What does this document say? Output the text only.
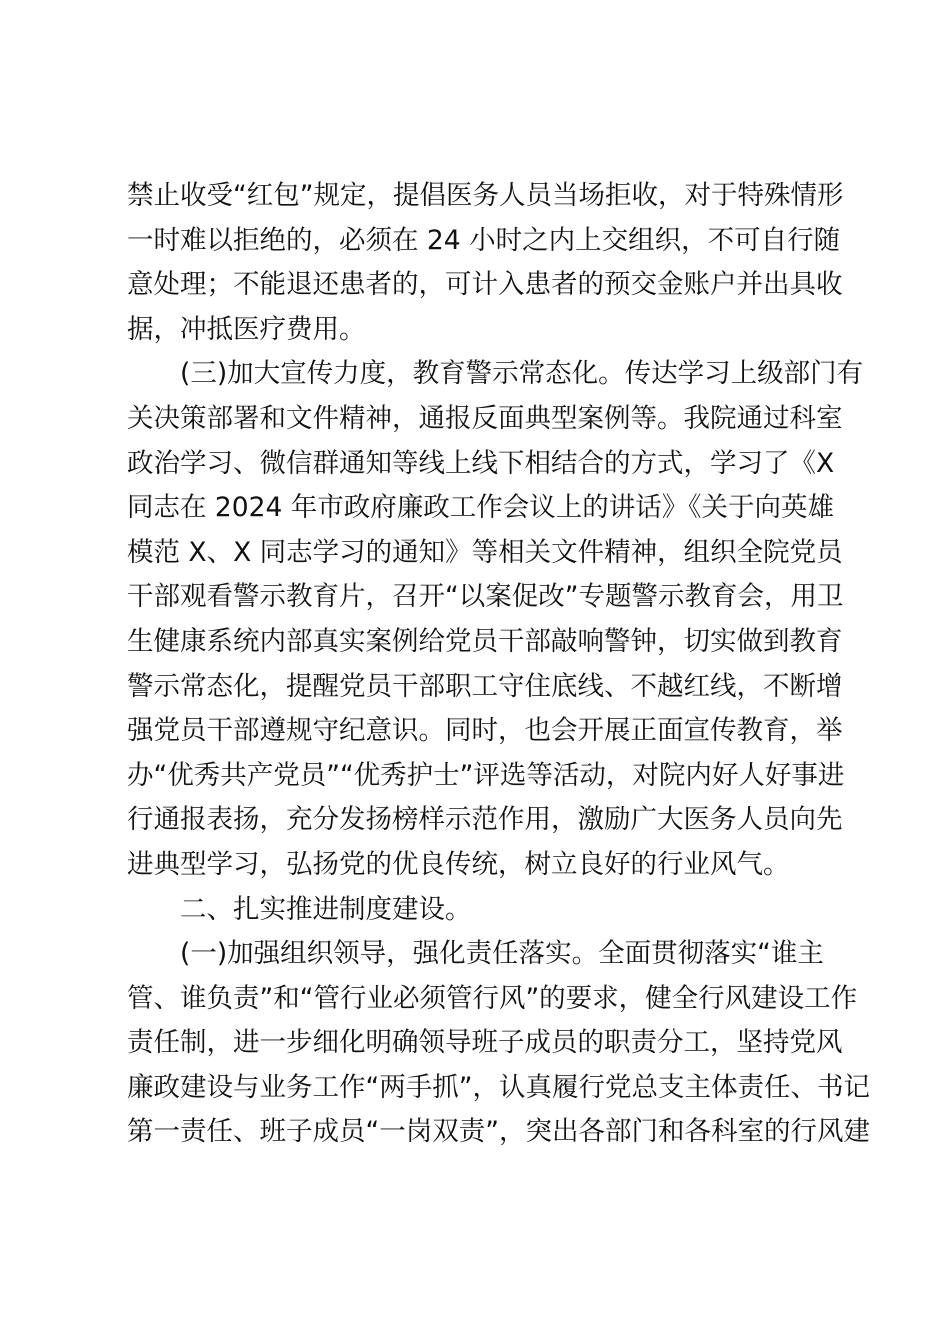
禁止收受“红包”规定，提倡医务人员当场拒收，对于特殊情形
一时难以拒绝的，必须在 24 小时之内上交组织，不可自行随
意处理；不能退还患者的，可计入患者的预交金账户并出具收
据，冲抵医疗费用。

(三)加大宣传力度，教育警示常态化。传达学习上级部门有
关决策部署和文件精神，通报反面典型案例等。我院通过科室
政治学习、微信群通知等线上线下相结合的方式，学习了《X
同志在 2024 年市政府廉政工作会议上的讲话》《关于向英雄
模范 X、X 同志学习的通知》等相关文件精神，组织全院党员
干部观看警示教育片，召开“以案促改”专题警示教育会，用卫
生健康系统内部真实案例给党员干部敲响警钟，切实做到教育
警示常态化，提醒党员干部职工守住底线、不越红线，不断增
强党员干部遵规守纪意识。同时，也会开展正面宣传教育，举
办“优秀共产党员”“优秀护士”评选等活动，对院内好人好事进
行通报表扬，充分发扬榜样示范作用，激励广大医务人员向先
进典型学习，弘扬党的优良传统，树立良好的行业风气。

二、扎实推进制度建设。

(一)加强组织领导，强化责任落实。全面贯彻落实“谁主
管、谁负责”和“管行业必须管行风”的要求，健全行风建设工作
责任制，进一步细化明确领导班子成员的职责分工，坚持党风
廉政建设与业务工作“两手抓”，认真履行党总支主体责任、书记
第一责任、班子成员“一岗双责”，突出各部门和各科室的行风建
